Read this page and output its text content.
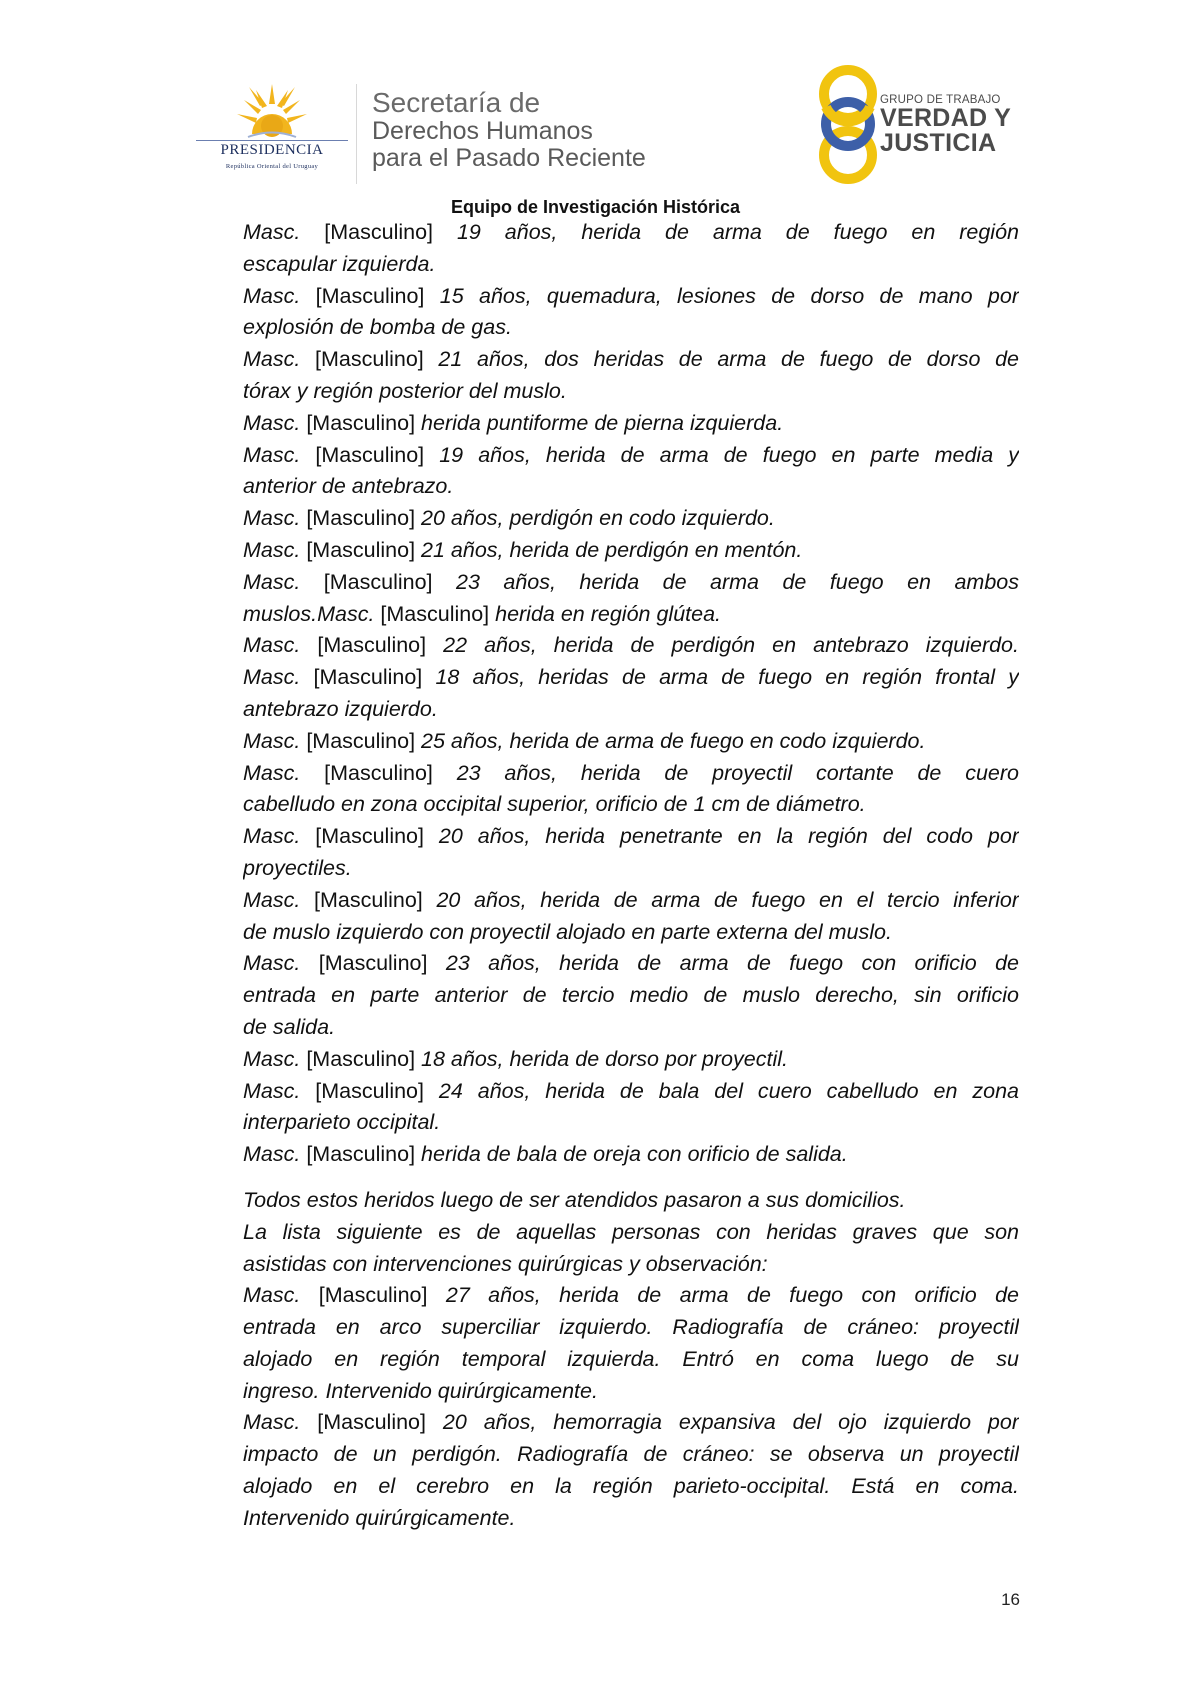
PRESIDENCIA
República Oriental del Uruguay
Secretaría de
Derechos Humanos
para el Pasado Reciente
GRUPO DE TRABAJO
VERDAD Y
JUSTICIA
Equipo de Investigación Histórica
Masc. [Masculino] 19 años, herida de arma de fuego en región
escapular izquierda.
Masc. [Masculino] 15 años, quemadura, lesiones de dorso de mano por
explosión de bomba de gas.
Masc. [Masculino] 21 años, dos heridas de arma de fuego de dorso de
tórax y región posterior del muslo.
Masc. [Masculino] herida puntiforme de pierna izquierda.
Masc. [Masculino] 19 años, herida de arma de fuego en parte media y
anterior de antebrazo.
Masc. [Masculino] 20 años, perdigón en codo izquierdo.
Masc. [Masculino] 21 años, herida de perdigón en mentón.
Masc. [Masculino] 23 años, herida de arma de fuego en ambos
muslos.Masc. [Masculino] herida en región glútea.
Masc. [Masculino] 22 años, herida de perdigón en antebrazo izquierdo.
Masc. [Masculino] 18 años, heridas de arma de fuego en región frontal y
antebrazo izquierdo.
Masc. [Masculino] 25 años, herida de arma de fuego en codo izquierdo.
Masc. [Masculino] 23 años, herida de proyectil cortante de cuero
cabelludo en zona occipital superior, orificio de 1 cm de diámetro.
Masc. [Masculino] 20 años, herida penetrante en la región del codo por
proyectiles.
Masc. [Masculino] 20 años, herida de arma de fuego en el tercio inferior
de muslo izquierdo con proyectil alojado en parte externa del muslo.
Masc. [Masculino] 23 años, herida de arma de fuego con orificio de
entrada en parte anterior de tercio medio de muslo derecho, sin orificio
de salida.
Masc. [Masculino] 18 años, herida de dorso por proyectil.
Masc. [Masculino] 24 años, herida de bala del cuero cabelludo en zona
interparieto occipital.
Masc. [Masculino] herida de bala de oreja con orificio de salida.
Todos estos heridos luego de ser atendidos pasaron a sus domicilios.
La lista siguiente es de aquellas personas con heridas graves que son
asistidas con intervenciones quirúrgicas y observación:
Masc. [Masculino] 27 años, herida de arma de fuego con orificio de
entrada en arco superciliar izquierdo. Radiografía de cráneo: proyectil
alojado en región temporal izquierda. Entró en coma luego de su
ingreso. Intervenido quirúrgicamente.
Masc. [Masculino] 20 años, hemorragia expansiva del ojo izquierdo por
impacto de un perdigón. Radiografía de cráneo: se observa un proyectil
alojado en el cerebro en la región parieto-occipital. Está en coma.
Intervenido quirúrgicamente.
16
